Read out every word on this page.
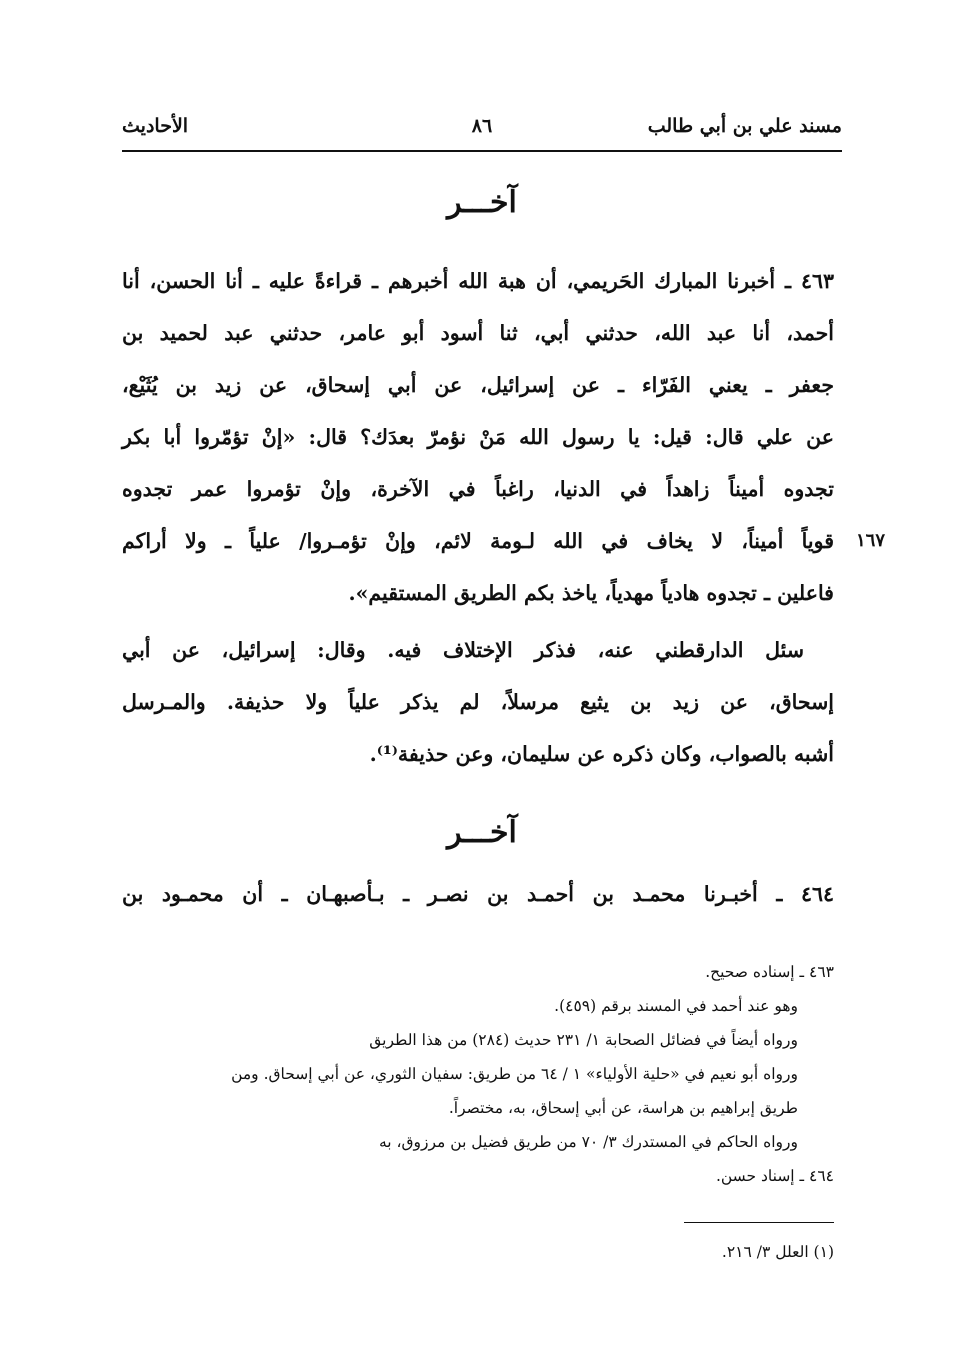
مسند علي بن أبي طالب
٨٦
الأحاديث
آخـــر
٤٦٣ ـ أخبرنا المبارك الحَريمي، أن هبة الله أخبرهم ـ قراءةً عليه ـ أنا الحسن، أنا
أحمد، أنا عبد الله، حدثني أبي، ثنا أسود أبو عامر، حدثني عبد لحميد بن
جعفر ـ يعني الفَرّاء ـ عن إسرائيل، عن أبي إسحاق، عن زيد بن يُثَيْع،
عن علي قال: قيل: يا رسول الله مَنْ نؤمرّ بعدَك؟ قال: «إنْ تؤمّروا أبا بكر
تجدوه أميناً زاهداً في الدنيا، راغباً في الآخرة، وإنْ تؤمروا عمر تجدوه
قوياً أميناً، لا يخاف في الله لـومة لائم، وإنْ تؤمـروا/ علياً ـ ولا أراكم
فاعلين ـ تجدوه هادياً مهدياً، ياخذ بكم الطريق المستقيم».
١٦٧
سئل الدارقطني عنه، فذكر الإختلاف فيه. وقال: إسرائيل، عن أبي
إسحاق، عن زيد بن يثيع مرسلاً، لم يذكر علياً ولا حذيفة. والمـرسل
أشبه بالصواب، وكان ذكره عن سليمان، وعن حذيفة⁽¹⁾.
آخـــر
٤٦٤ ـ أخبـرنا محمـد بن أحمـد بن نصـر ـ بـأصبهـان ـ أن محمـود بن
٤٦٣ ـ إسناده صحيح.
وهو عند أحمد في المسند برقم (٤٥٩).
ورواه أيضاً في فضائل الصحابة ١/ ٢٣١ حديث (٢٨٤) من هذا الطريق
ورواه أبو نعيم في «حلية الأولياء» ١ / ٦٤ من طريق: سفيان الثوري، عن أبي إسحاق. ومن
طريق إبراهيم بن هراسة، عن أبي إسحاق، به، مختصراً.
ورواه الحاكم في المستدرك ٣/ ٧٠ من طريق فضيل بن مرزوق، به
٤٦٤ ـ إسناد حسن.
(١) العلل ٣/ ٢١٦.
